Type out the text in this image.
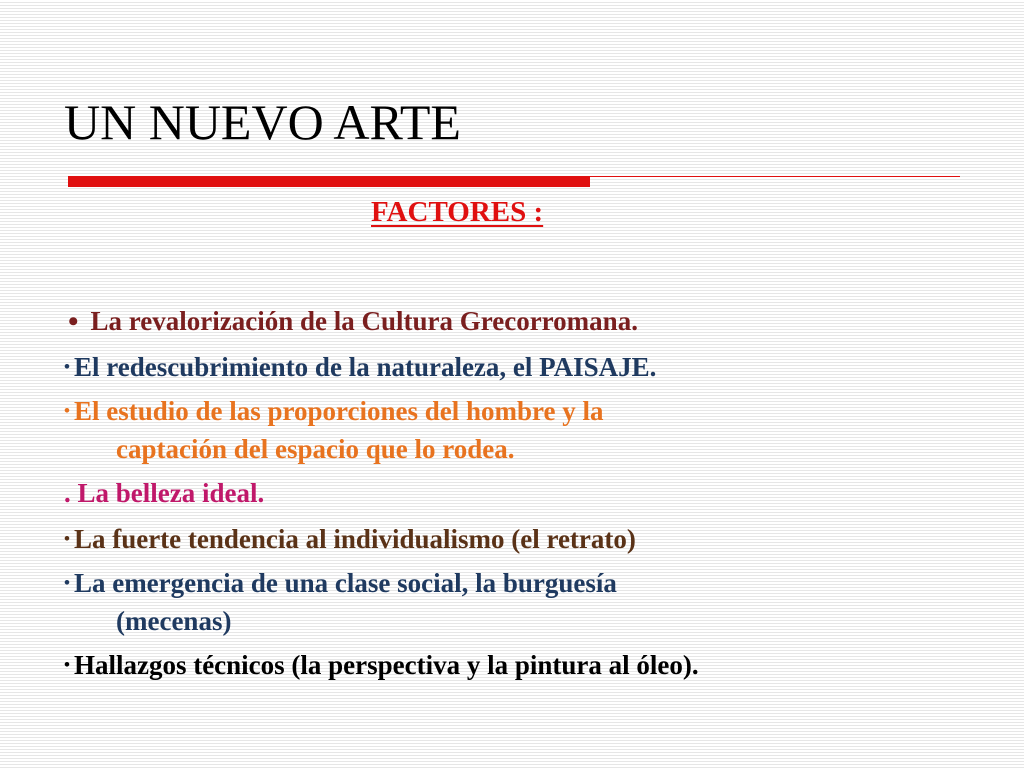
UN NUEVO ARTE
FACTORES :
• La revalorización de la Cultura Grecorromana.
• El redescubrimiento de la naturaleza, el PAISAJE.
• El estudio de las proporciones del hombre y la
captación del espacio que lo rodea.
. La belleza ideal.
• La fuerte tendencia al individualismo (el retrato)
• La emergencia de una clase social, la burguesía
(mecenas)
• Hallazgos técnicos (la perspectiva y la pintura al óleo).
